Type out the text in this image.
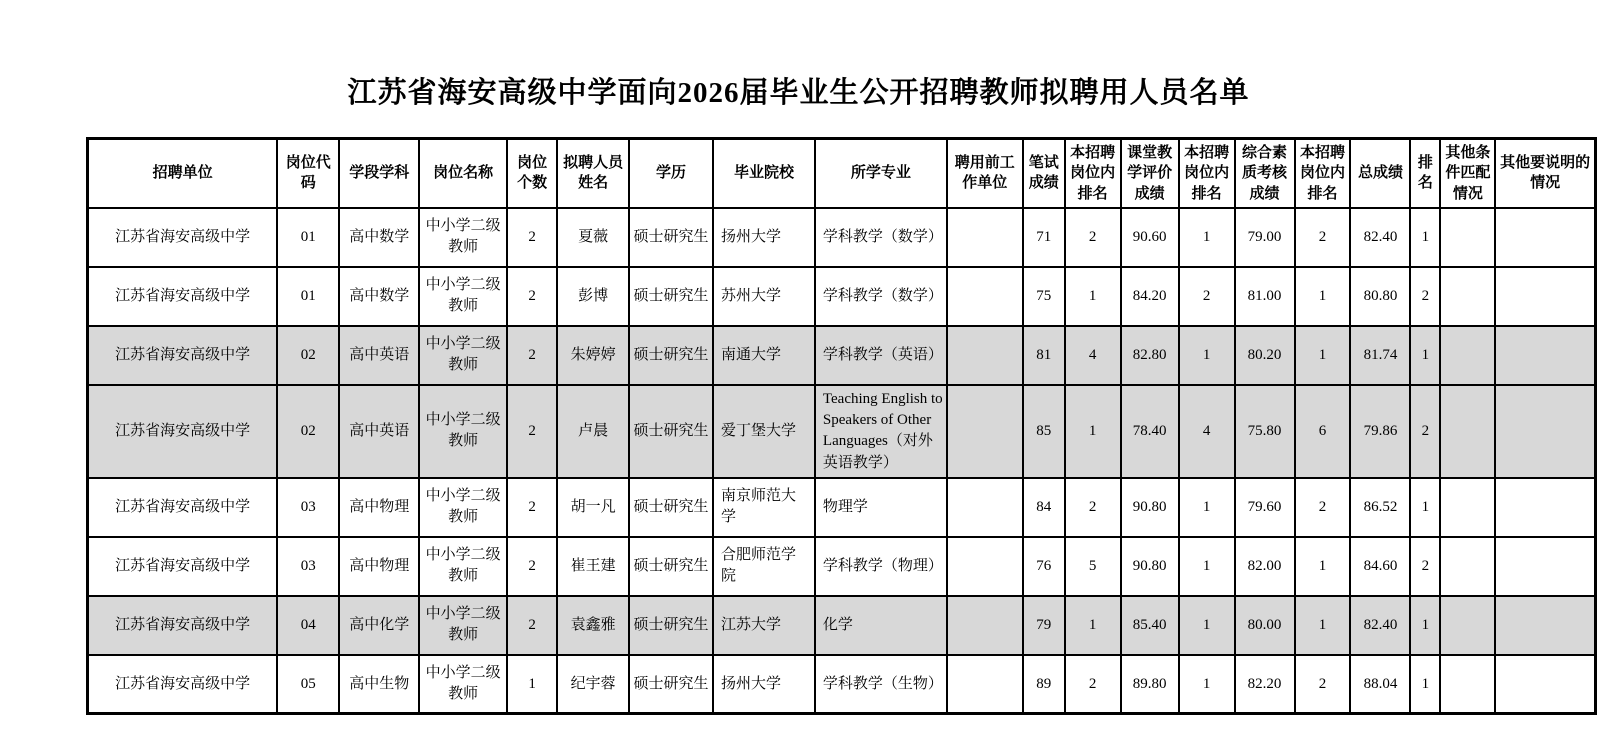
江苏省海安高级中学面向2026届毕业生公开招聘教师拟聘用人员名单
招聘单位	岗位代码	学段学科	岗位名称	岗位个数	拟聘人员姓名	学历	毕业院校	所学专业	聘用前工作单位	笔试成绩	本招聘岗位内排名	课堂教学评价成绩	本招聘岗位内排名	综合素质考核成绩	本招聘岗位内排名	总成绩	排名	其他条件匹配情况	其他要说明的情况
江苏省海安高级中学	01	高中数学	中小学二级教师	2	夏薇	硕士研究生	扬州大学	学科教学（数学）		71	2	90.60	1	79.00	2	82.40	1		
江苏省海安高级中学	01	高中数学	中小学二级教师	2	彭博	硕士研究生	苏州大学	学科教学（数学）		75	1	84.20	2	81.00	1	80.80	2		
江苏省海安高级中学	02	高中英语	中小学二级教师	2	朱婷婷	硕士研究生	南通大学	学科教学（英语）		81	4	82.80	1	80.20	1	81.74	1		
江苏省海安高级中学	02	高中英语	中小学二级教师	2	卢晨	硕士研究生	爱丁堡大学	Teaching English to Speakers of Other Languages（对外英语教学）		85	1	78.40	4	75.80	6	79.86	2		
江苏省海安高级中学	03	高中物理	中小学二级教师	2	胡一凡	硕士研究生	南京师范大学	物理学		84	2	90.80	1	79.60	2	86.52	1		
江苏省海安高级中学	03	高中物理	中小学二级教师	2	崔王建	硕士研究生	合肥师范学院	学科教学（物理）		76	5	90.80	1	82.00	1	84.60	2		
江苏省海安高级中学	04	高中化学	中小学二级教师	2	袁鑫雅	硕士研究生	江苏大学	化学		79	1	85.40	1	80.00	1	82.40	1		
江苏省海安高级中学	05	高中生物	中小学二级教师	1	纪宇蓉	硕士研究生	扬州大学	学科教学（生物）		89	2	89.80	1	82.20	2	88.04	1		
